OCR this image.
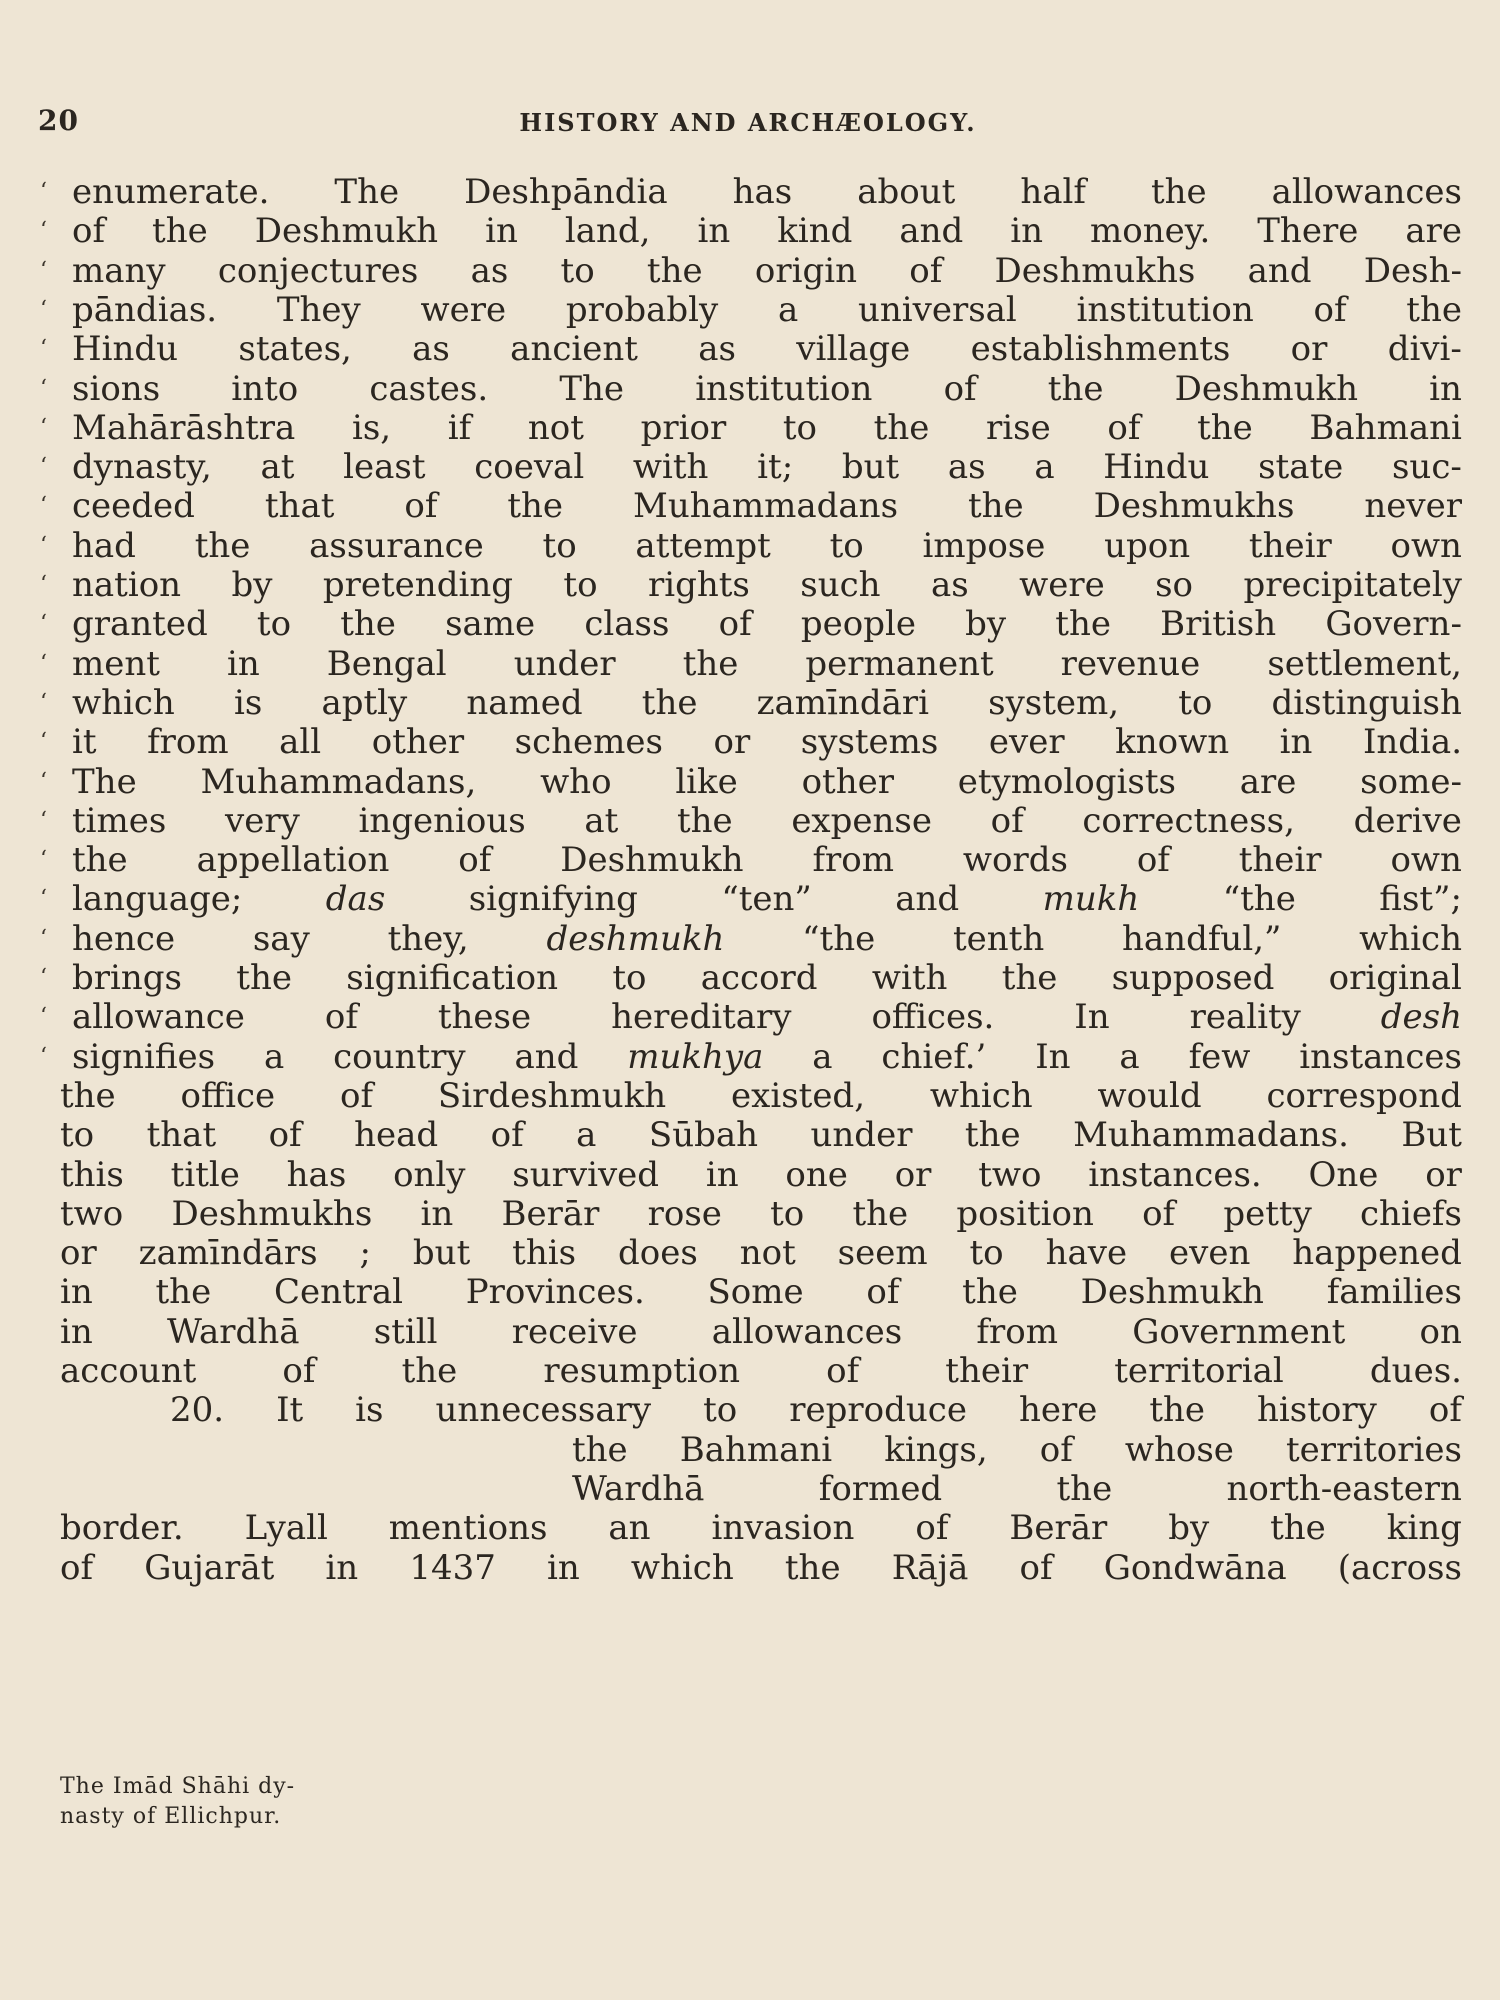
20	HISTORY AND ARCHÆOLOGY.
enumerate. The Deshpāndia has about half the allowances
‘
of the Deshmukh in land, in kind and in money. There are
‘
many conjectures as to the origin of Deshmukhs and Desh-
‘
pāndias. They were probably a universal institution of the
‘
Hindu states, as ancient as village establishments or divi-
‘
sions into castes. The institution of the Deshmukh in
‘
Mahārāshtra is, if not prior to the rise of the Bahmani
‘
dynasty, at least coeval with it; but as a Hindu state suc-
‘
ceeded that of the Muhammadans the Deshmukhs never
‘
had the assurance to attempt to impose upon their own
‘
nation by pretending to rights such as were so precipitately
‘
granted to the same class of people by the British Govern-
‘
ment in Bengal under the permanent revenue settlement,
‘
which is aptly named the zamīndāri system, to distinguish
‘
it from all other schemes or systems ever known in India.
‘
The Muhammadans, who like other etymologists are some-
‘
times very ingenious at the expense of correctness, derive
‘
the appellation of Deshmukh from words of their own
‘
language; das signifying “ten” and mukh “the fist”;
‘
hence say they, deshmukh “the tenth handful,” which
‘
brings the signification to accord with the supposed original
‘
allowance of these hereditary offices. In reality desh
‘
signifies a country and mukhya a chief.’ In a few instances
‘
the office of Sirdeshmukh existed, which would correspond
to that of head of a Sūbah under the Muhammadans. But
this title has only survived in one or two instances. One or
two Deshmukhs in Berār rose to the position of petty chiefs
or zamīndārs ; but this does not seem to have even happened
in the Central Provinces. Some of the Deshmukh families
in Wardhā still receive allowances from Government on
account	of	the	resumption	of	their	territorial	dues.
20. It is unnecessary to reproduce here the history of
the Bahmani kings, of whose territories
Wardhā	formed	the	north-eastern
border. Lyall mentions an invasion of Berār by the king
of Gujarāt in 1437 in which the Rājā of Gondwāna (across
The Imād Shāhi dy-
nasty of Ellichpur.
